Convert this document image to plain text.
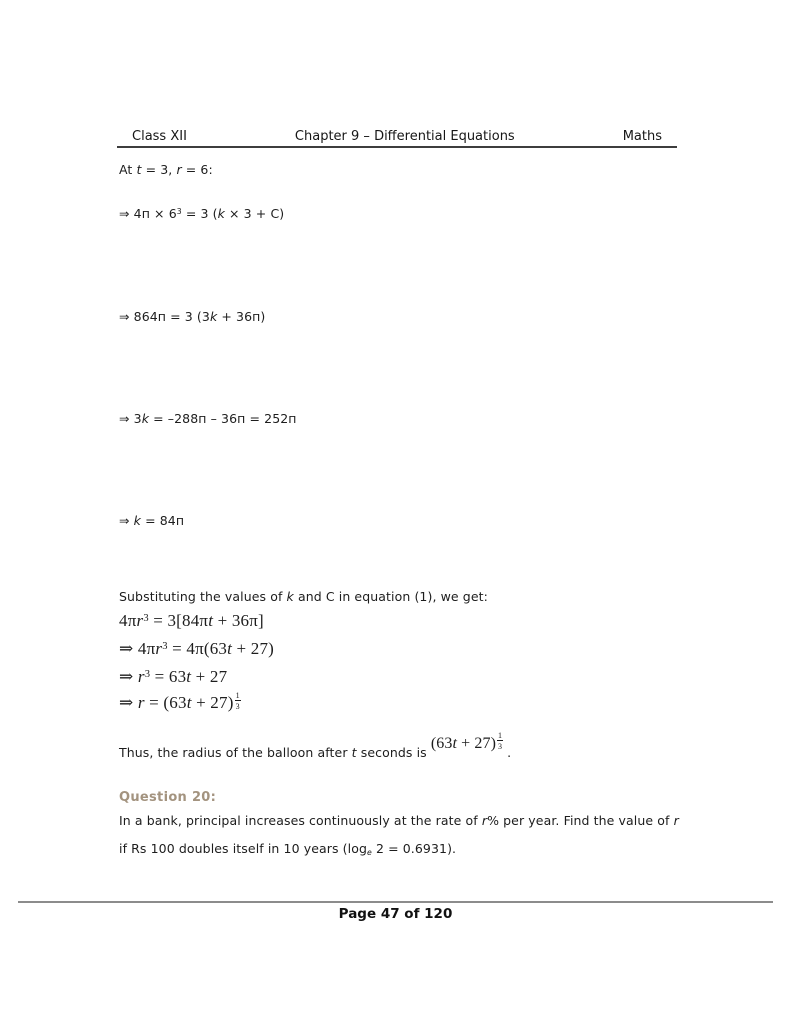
Class XII	Chapter 9 – Differential Equations	Maths
At t = 3, r = 6:
⇒ $4п \times 6^3 = 3$ (k × 3 + C)
⇒ 864п = 3 (3k + 36п)
⇒ 3k = –288п – 36п = 252п
⇒ k = 84п
Substituting the values of k and C in equation (1), we get:
$4\pi r^3 = 3[84\pi t + 36\pi]$
⇒ $4\pi r^3 = 4\pi(63t + 27)$
⇒ $r^3 = 63t + 27$
⇒ $r = (63t + 27) \frac{1}{3}$
Thus, the radius of the balloon after t seconds is $(63t + 27) \frac{1}{3}$
.
Question 20:
In a bank, principal increases continuously at the rate of r% per year. Find the value of r
if Rs 100 doubles itself in 10 years (loge 2 = 0.6931).
Page 47 of 120
